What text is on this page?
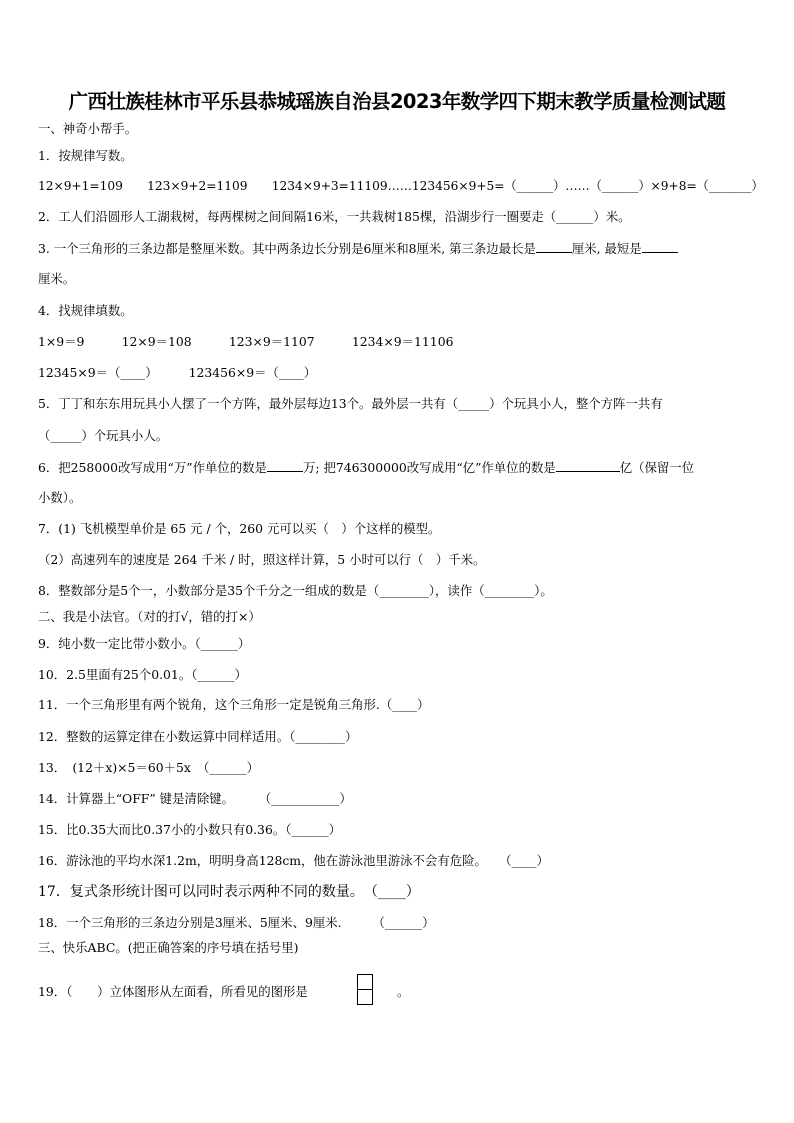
广西壮族桂林市平乐县恭城瑶族自治县2023年数学四下期末教学质量检测试题
一、神奇小帮手。
1．按规律写数。
12×9+1=109　　123×9+2=1109　　1234×9+3=11109……123456×9+5=（______）……（______）×9+8=（_______）
2．工人们沿圆形人工湖栽树，每两棵树之间间隔16米，一共栽树185棵，沿湖步行一圈要走（______）米。
3. 一个三角形的三条边都是整厘米数。其中两条边长分别是6厘米和8厘米, 第三条边最长是	厘米, 最短是
厘米。
4．找规律填数。
1×9＝9　　　12×9＝108　　　123×9＝1107　　　1234×9＝11106
12345×9＝（____）　　　123456×9＝（____）
5．丁丁和东东用玩具小人摆了一个方阵，最外层每边13个。最外层一共有（_____）个玩具小人，整个方阵一共有
（_____）个玩具小人。
6．把258000改写成用“万”作单位的数是	万; 把746300000改写成用“亿”作单位的数是	亿（保留一位
小数）。
7．(1) 飞机模型单价是 65 元 / 个，260 元可以买（　）个这样的模型。
（2）高速列车的速度是 264 千米 / 时，照这样计算，5 小时可以行（　）千米。
8．整数部分是5个一，小数部分是35个千分之一组成的数是（________），读作（________）。
二、我是小法官。（对的打√，错的打×）
9．纯小数一定比带小数小。（______）
10．2.5里面有25个0.01。（______）
11．一个三角形里有两个锐角，这个三角形一定是锐角三角形.（____）
12．整数的运算定律在小数运算中同样适用。（________）
13．　(12＋x)×5＝60＋5x　（______）
14．计算器上“OFF” 键是清除键。　　　（___________）
15．比0.35大而比0.37小的小数只有0.36。（______）
16．游泳池的平均水深1.2m，明明身高128cm，他在游泳池里游泳不会有危险。　　（____）
17．复式条形统计图可以同时表示两种不同的数量。　（____）
18．一个三角形的三条边分别是3厘米、5厘米、9厘米.　　　（______）
三、快乐ABC。(把正确答案的序号填在括号里)
19．（　　）立体图形从左面看，所看见的图形是	。
